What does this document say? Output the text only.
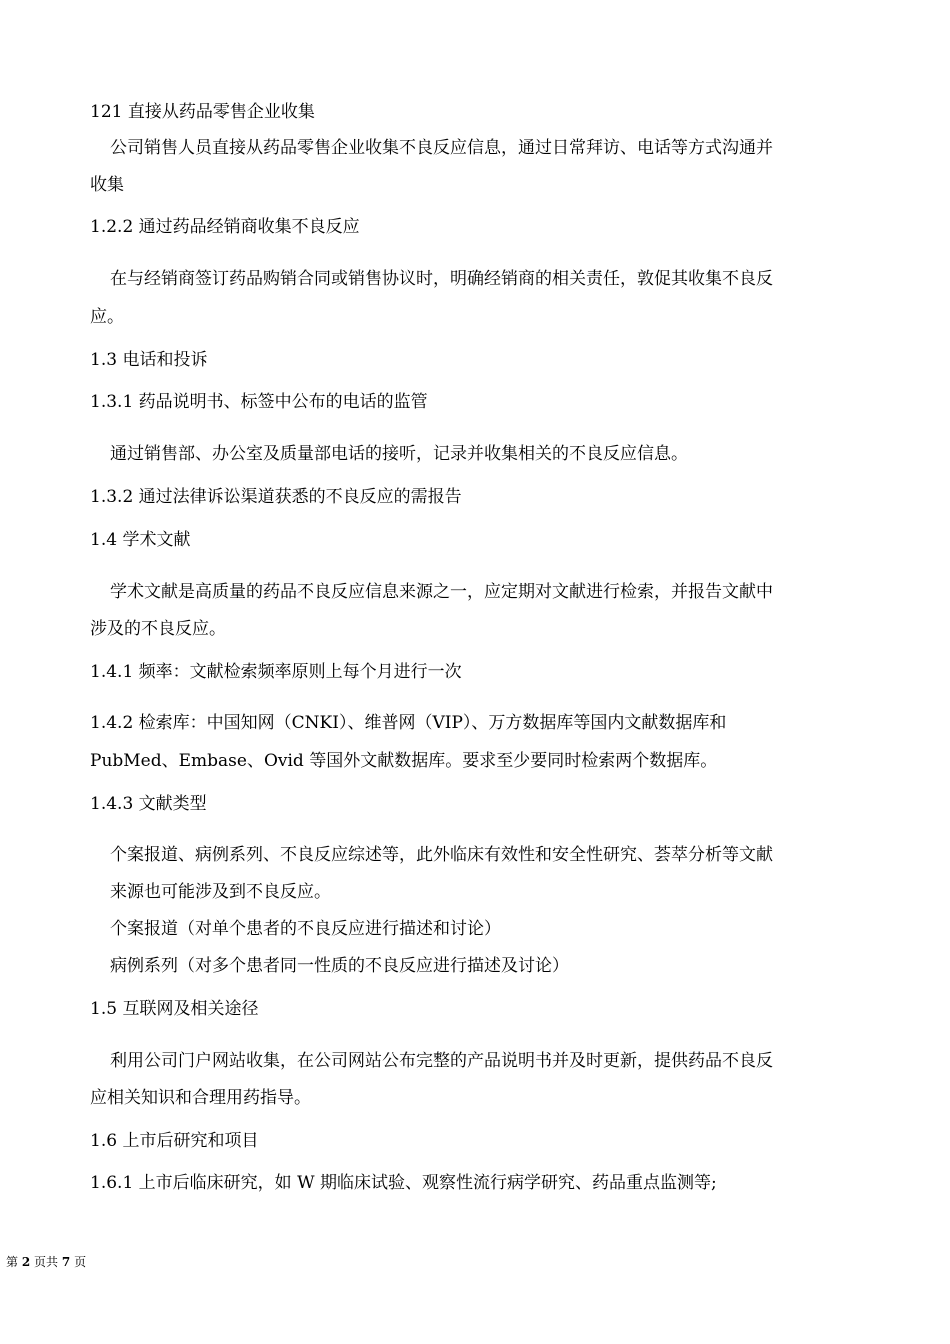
121 直接从药品零售企业收集
公司销售人员直接从药品零售企业收集不良反应信息，通过日常拜访、电话等方式沟通并
收集
1.2.2 通过药品经销商收集不良反应
在与经销商签订药品购销合同或销售协议时，明确经销商的相关责任，敦促其收集不良反
应。
1.3 电话和投诉
1.3.1 药品说明书、标签中公布的电话的监管
通过销售部、办公室及质量部电话的接听，记录并收集相关的不良反应信息。
1.3.2 通过法律诉讼渠道获悉的不良反应的需报告
1.4 学术文献
学术文献是高质量的药品不良反应信息来源之一，应定期对文献进行检索，并报告文献中
涉及的不良反应。
1.4.1 频率：文献检索频率原则上每个月进行一次
1.4.2 检索库：中国知网（CNKI）、维普网（VIP）、万方数据库等国内文献数据库和
PubMed、Embase、Ovid 等国外文献数据库。要求至少要同时检索两个数据库。
1.4.3 文献类型
个案报道、病例系列、不良反应综述等，此外临床有效性和安全性研究、荟萃分析等文献
来源也可能涉及到不良反应。
个案报道（对单个患者的不良反应进行描述和讨论）
病例系列（对多个患者同一性质的不良反应进行描述及讨论）
1.5 互联网及相关途径
利用公司门户网站收集，在公司网站公布完整的产品说明书并及时更新，提供药品不良反
应相关知识和合理用药指导。
1.6 上市后研究和项目
1.6.1 上市后临床研究，如 W 期临床试验、观察性流行病学研究、药品重点监测等;
第 2 页共 7 页
